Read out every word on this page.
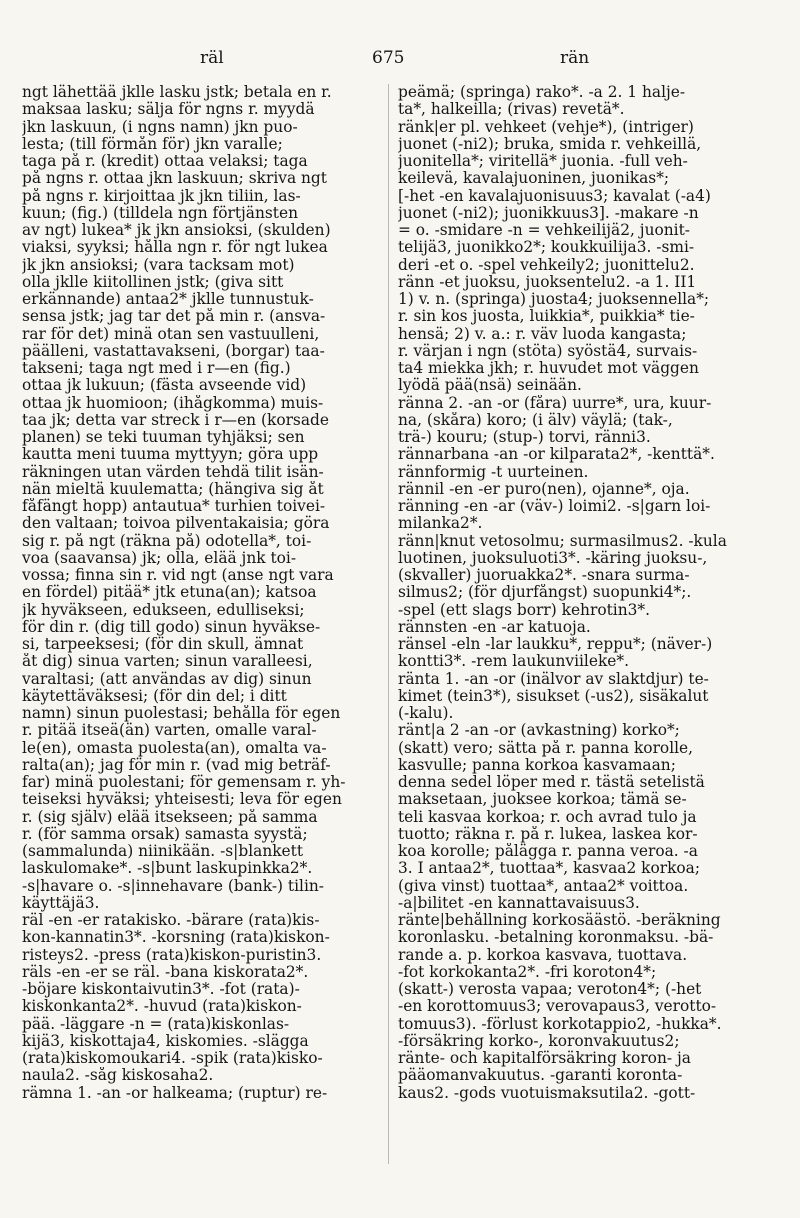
räl	675	rän
ngt lähettää jklle lasku jstk; betala en r.
maksaa lasku; sälja för ngns r. myydä
jkn laskuun, (i ngns namn) jkn puo-
lesta; (till förmån för) jkn varalle;
taga på r. (kredit) ottaa velaksi; taga
på ngns r. ottaa jkn laskuun; skriva ngt
på ngns r. kirjoittaa jk jkn tiliin, las-
kuun; (fig.) (tilldela ngn förtjänsten
av ngt) lukea* jk jkn ansioksi, (skulden)
viaksi, syyksi; hålla ngn r. för ngt lukea
jk jkn ansioksi; (vara tacksam mot)
olla jklle kiitollinen jstk; (giva sitt
erkännande) antaa2* jklle tunnustuk-
sensa jstk; jag tar det på min r. (ansva-
rar för det) minä otan sen vastuulleni,
päälleni, vastattavakseni, (borgar) taa-
takseni; taga ngt med i r—en (fig.)
ottaa jk lukuun; (fästa avseende vid)
ottaa jk huomioon; (ihågkomma) muis-
taa jk; detta var streck i r—en (korsade
planen) se teki tuuman tyhjäksi; sen
kautta meni tuuma myttyyn; göra upp
räkningen utan värden tehdä tilit isän-
nän mieltä kuulematta; (hängiva sig åt
fåfängt hopp) antautua* turhien toivei-
den valtaan; toivoa pilventakaisia; göra
sig r. på ngt (räkna på) odotella*, toi-
voa (saavansa) jk; olla, elää jnk toi-
vossa; finna sin r. vid ngt (anse ngt vara
en fördel) pitää* jtk etuna(an); katsoa
jk hyväkseen, edukseen, edulliseksi;
för din r. (dig till godo) sinun hyväkse-
si, tarpeeksesi; (för din skull, ämnat
åt dig) sinua varten; sinun varalleesi,
varaltasi; (att användas av dig) sinun
käytettäväksesi; (för din del; i ditt
namn) sinun puolestasi; behålla för egen
r. pitää itseä(än) varten, omalle varal-
le(en), omasta puolesta(an), omalta va-
ralta(an); jag för min r. (vad mig beträf-
far) minä puolestani; för gemensam r. yh-
teiseksi hyväksi; yhteisesti; leva för egen
r. (sig själv) elää itsekseen; på samma
r. (för samma orsak) samasta syystä;
(sammalunda) niinikään. -s|blankett
laskulomake*. -s|bunt laskupinkka2*.
-s|havare o. -s|innehavare (bank-) tilin-
käyttäjä3.
räl -en -er ratakisko. -bärare (rata)kis-
kon-kannatin3*. -korsning (rata)kiskon-
risteys2. -press (rata)kiskon-puristin3.
räls -en -er se räl. -bana kiskorata2*.
-böjare kiskontaivutin3*. -fot (rata)-
kiskonkanta2*. -huvud (rata)kiskon-
pää. -läggare -n = (rata)kiskonlas-
kijä3, kiskottaja4, kiskomies. -slägga
(rata)kiskomoukari4. -spik (rata)kisko-
naula2. -såg kiskosaha2.
rämna 1. -an -or halkeama; (ruptur) re-
peämä; (springa) rako*. -a 2. 1 halje-
ta*, halkeilla; (rivas) revetä*.
ränk|er pl. vehkeet (vehje*), (intriger)
juonet (-ni2); bruka, smida r. vehkeillä,
juonitella*; viritellä* juonia. -full veh-
keilevä, kavalajuoninen, juonikas*;
[-het -en kavalajuonisuus3; kavalat (-a4)
juonet (-ni2); juonikkuus3]. -makare -n
= o. -smidare -n = vehkeilijä2, juonit-
telijä3, juonikko2*; koukkuilija3. -smi-
deri -et o. -spel vehkeily2; juonittelu2.
ränn -et juoksu, juoksentelu2. -a 1. II1
1) v. n. (springa) juosta4; juoksennella*;
r. sin kos juosta, luikkia*, puikkia* tie-
hensä; 2) v. a.: r. väv luoda kangasta;
r. värjan i ngn (stöta) syöstä4, survais-
ta4 miekka jkh; r. huvudet mot väggen
lyödä pää(nsä) seinään.
ränna 2. -an -or (fåra) uurre*, ura, kuur-
na, (skåra) koro; (i älv) väylä; (tak-,
trä-) kouru; (stup-) torvi, ränni3.
rännarbana -an -or kilparata2*, -kenttä*.
rännformig -t uurteinen.
rännil -en -er puro(nen), ojanne*, oja.
ränning -en -ar (väv-) loimi2. -s|garn loi-
milanka2*.
ränn|knut vetosolmu; surmasilmus2. -kula
luotinen, juoksuluoti3*. -käring juoksu-,
(skvaller) juoruakka2*. -snara surma-
silmus2; (för djurfångst) suopunki4*;.
-spel (ett slags borr) kehrotin3*.
rännsten -en -ar katuoja.
ränsel -eln -lar laukku*, reppu*; (näver-)
kontti3*. -rem laukunviileke*.
ränta 1. -an -or (inälvor av slaktdjur) te-
kimet (tein3*), sisukset (-us2), sisäkalut
(-kalu).
ränt|a 2 -an -or (avkastning) korko*;
(skatt) vero; sätta på r. panna korolle,
kasvulle; panna korkoa kasvamaan;
denna sedel löper med r. tästä setelistä
maksetaan, juoksee korkoa; tämä se-
teli kasvaa korkoa; r. och avrad tulo ja
tuotto; räkna r. på r. lukea, laskea kor-
koa korolle; pålägga r. panna veroa. -a
3. I antaa2*, tuottaa*, kasvaa2 korkoa;
(giva vinst) tuottaa*, antaa2* voittoa.
-a|bilitet -en kannattavaisuus3.
ränte|behållning korkosäästö. -beräkning
koronlasku. -betalning koronmaksu. -bä-
rande a. p. korkoa kasvava, tuottava.
-fot korkokanta2*. -fri koroton4*;
(skatt-) verosta vapaa; veroton4*; (-het
-en korottomuus3; verovapaus3, verotto-
tomuus3). -förlust korkotappio2, -hukka*.
-försäkring korko-, koronvakuutus2;
ränte- och kapitalförsäkring koron- ja
pääomanvakuutus. -garanti koronta-
kaus2. -gods vuotuismaksutila2. -gott-
